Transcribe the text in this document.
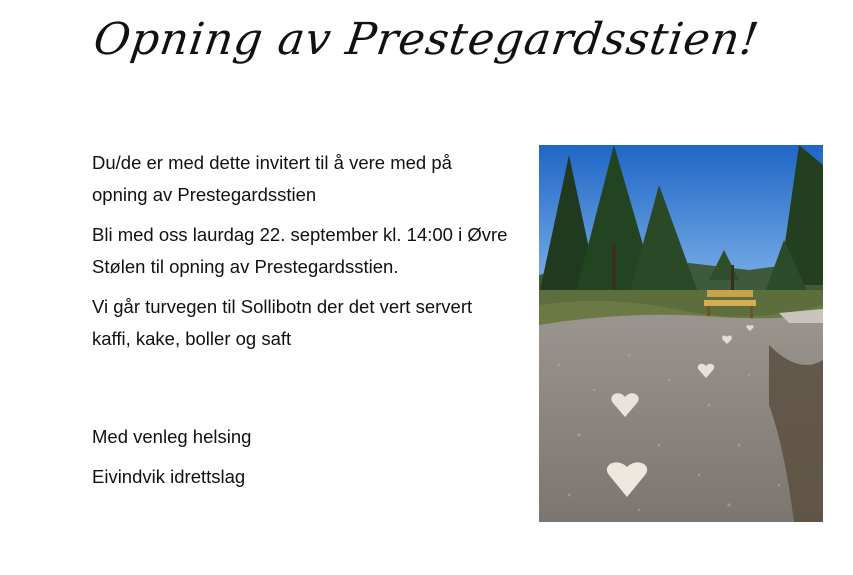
Opning av Prestegardsstien!

Du/de er med dette invitert til å vere med på opning av Prestegardsstien

Bli med oss laurdag 22. september kl. 14:00 i Øvre Stølen til opning av Prestegardsstien.

Vi går turvegen til Sollibotn der det vert servert kaffi, kake, boller og saft

Med venleg helsing

Eivindvik idrettslag
